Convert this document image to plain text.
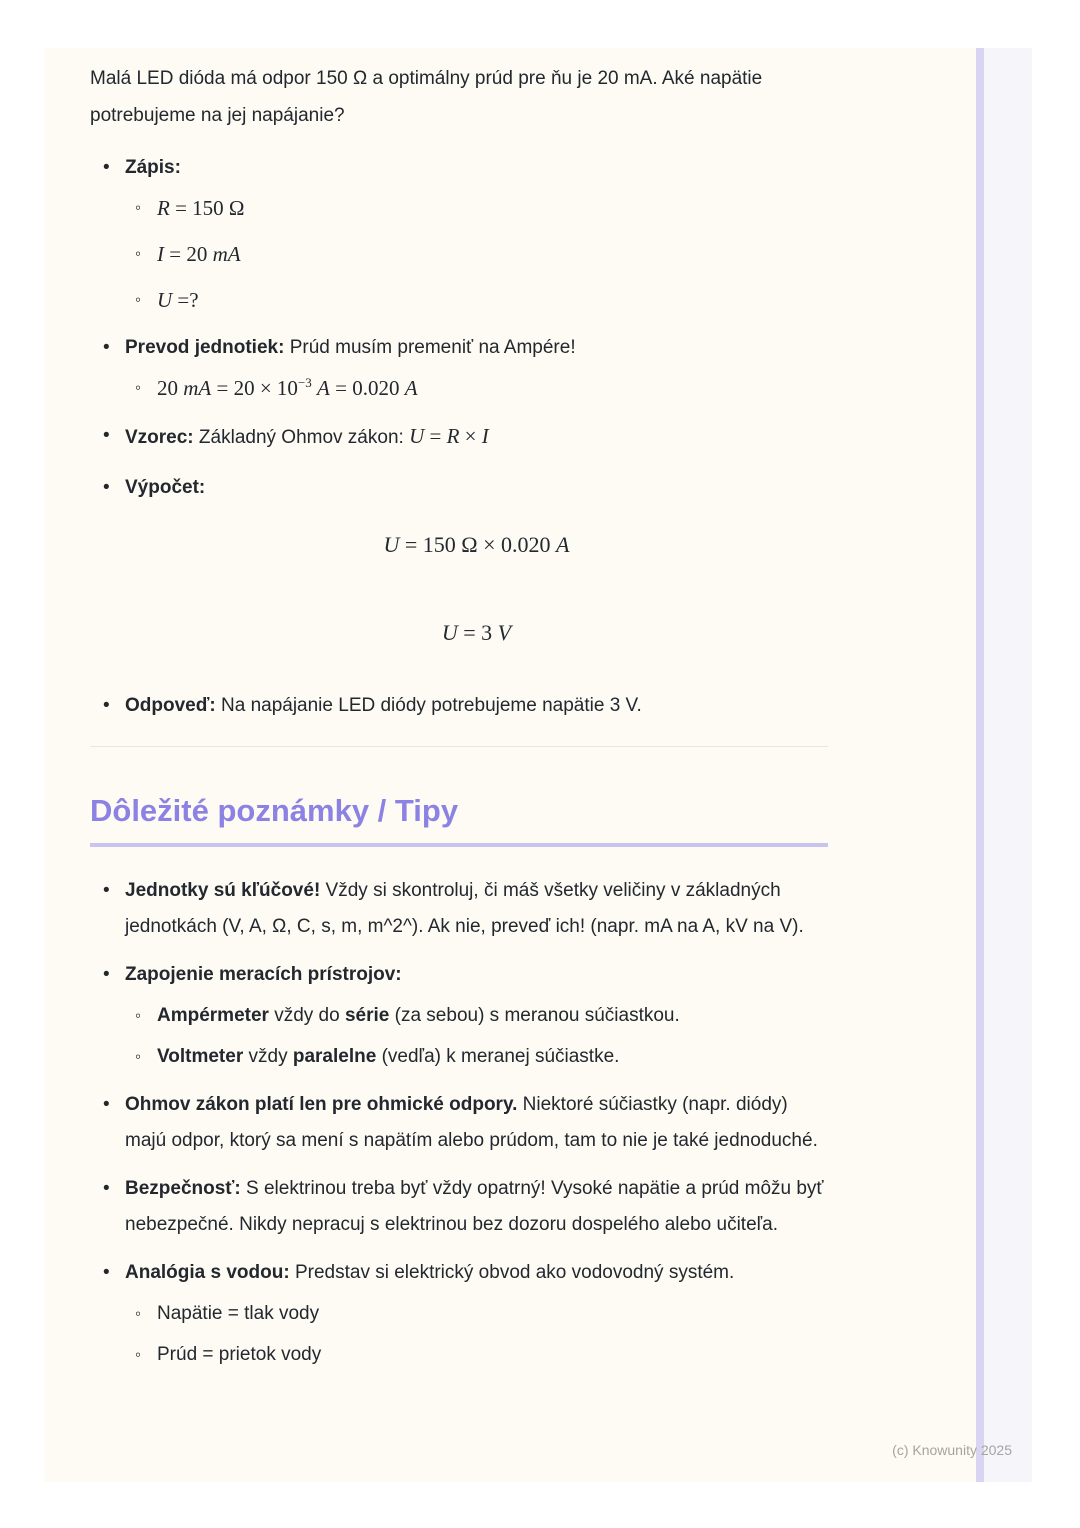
Malá LED dióda má odpor 150 Ω a optimálny prúd pre ňu je 20 mA. Aké napätie potrebujeme na jej napájanie?

• Zápis:
◦ R = 150 Ω
◦ I = 20 mA
◦ U =?
• Prevod jednotiek: Prúd musím premeniť na Ampére!
◦ 20 mA = $20 \times 10^{-3}$ A = 0.020 A
• Vzorec: Základný Ohmov zákon: U = R × I
• Výpočet:
U = 150 Ω × 0.020 A
U = 3 V
• Odpoveď: Na napájanie LED diódy potrebujeme napätie 3 V.
Dôležité poznámky / Tipy
• Jednotky sú kľúčové! Vždy si skontroluj, či máš všetky veličiny v základných jednotkách (V, A, Ω, C, s, m, m^2^). Ak nie, preveď ich! (napr. mA na A, kV na V).
• Zapojenie meracích prístrojov:
◦ Ampérmeter vždy do série (za sebou) s meranou súčiastkou.
◦ Voltmeter vždy paralelne (vedľa) k meranej súčiastke.
• Ohmov zákon platí len pre ohmické odpory. Niektoré súčiastky (napr. diódy) majú odpor, ktorý sa mení s napätím alebo prúdom, tam to nie je také jednoduché.
• Bezpečnosť: S elektrinou treba byť vždy opatrný! Vysoké napätie a prúd môžu byť nebezpečné. Nikdy nepracuj s elektrinou bez dozoru dospelého alebo učiteľa.
• Analógia s vodou: Predstav si elektrický obvod ako vodovodný systém.
◦ Napätie = tlak vody
◦ Prúd = prietok vody
(c) Knowunity 2025
